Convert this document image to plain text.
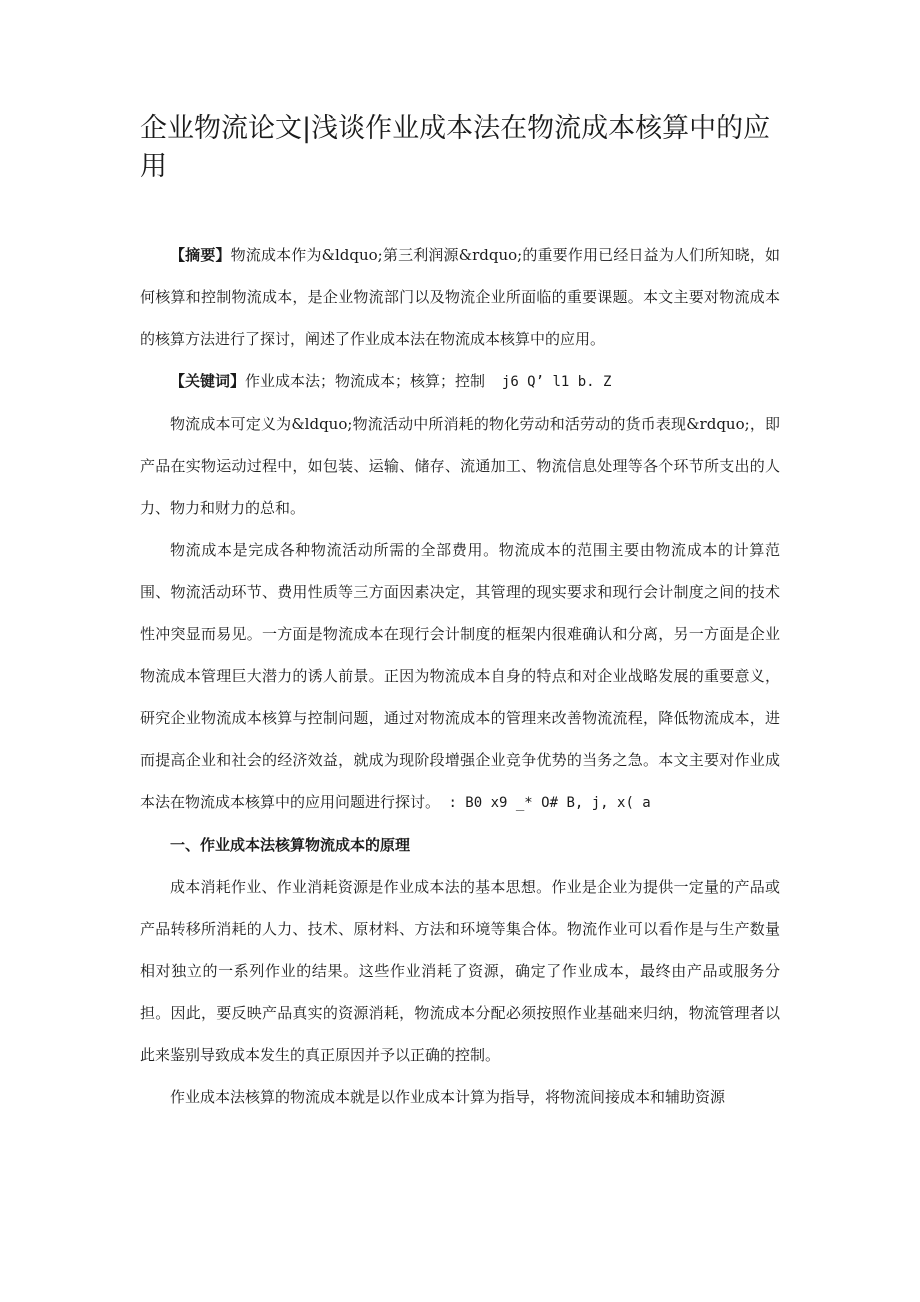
企业物流论文|浅谈作业成本法在物流成本核算中的应用

【摘要】物流成本作为&ldquo;第三利润源&rdquo;的重要作用已经日益为人们所知晓，如何核算和控制物流成本，是企业物流部门以及物流企业所面临的重要课题。本文主要对物流成本的核算方法进行了探讨，阐述了作业成本法在物流成本核算中的应用。

【关键词】作业成本法；物流成本；核算；控制  j6 Q’ l1 b. Z

物流成本可定义为&ldquo;物流活动中所消耗的物化劳动和活劳动的货币表现&rdquo;，即产品在实物运动过程中，如包装、运输、储存、流通加工、物流信息处理等各个环节所支出的人力、物力和财力的总和。

物流成本是完成各种物流活动所需的全部费用。物流成本的范围主要由物流成本的计算范围、物流活动环节、费用性质等三方面因素决定，其管理的现实要求和现行会计制度之间的技术性冲突显而易见。一方面是物流成本在现行会计制度的框架内很难确认和分离，另一方面是企业物流成本管理巨大潜力的诱人前景。正因为物流成本自身的特点和对企业战略发展的重要意义，研究企业物流成本核算与控制问题，通过对物流成本的管理来改善物流流程，降低物流成本，进而提高企业和社会的经济效益，就成为现阶段增强企业竞争优势的当务之急。本文主要对作业成本法在物流成本核算中的应用问题进行探讨。 : B0 x9 _* O# B, j, x( a

一、作业成本法核算物流成本的原理

成本消耗作业、作业消耗资源是作业成本法的基本思想。作业是企业为提供一定量的产品或产品转移所消耗的人力、技术、原材料、方法和环境等集合体。物流作业可以看作是与生产数量相对独立的一系列作业的结果。这些作业消耗了资源，确定了作业成本，最终由产品或服务分担。因此，要反映产品真实的资源消耗，物流成本分配必须按照作业基础来归纳，物流管理者以此来鉴别导致成本发生的真正原因并予以正确的控制。

作业成本法核算的物流成本就是以作业成本计算为指导，将物流间接成本和辅助资源
